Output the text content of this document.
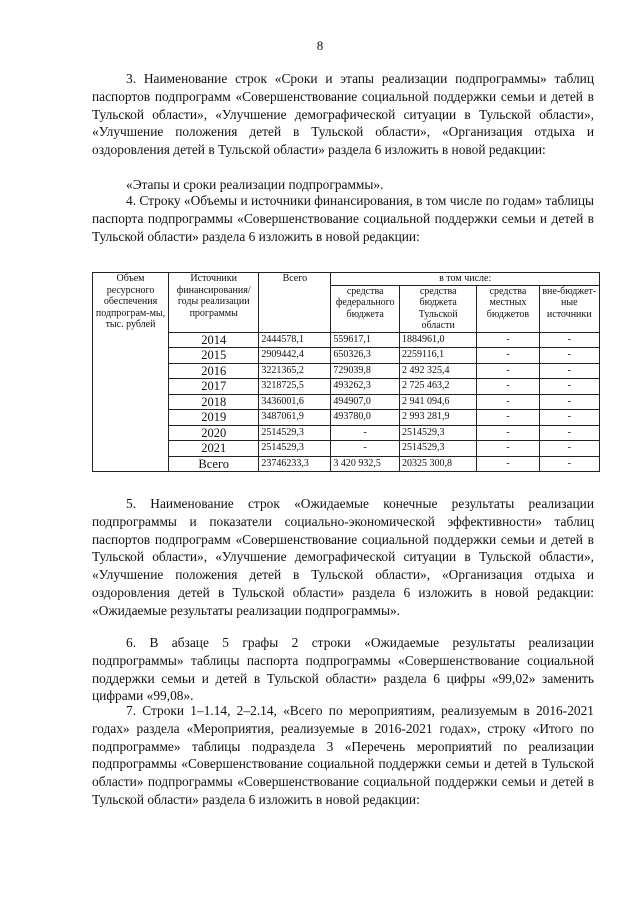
8
3. Наименование строк «Сроки и этапы реализации подпрограммы» таблиц паспортов подпрограмм «Совершенствование социальной поддержки семьи и детей в Тульской области», «Улучшение демографической ситуации в Тульской области», «Улучшение положения детей в Тульской области», «Организация отдыха и оздоровления детей в Тульской области» раздела 6 изложить в новой редакции:
«Этапы и сроки реализации подпрограммы».
4. Строку «Объемы и источники финансирования, в том числе по годам» таблицы паспорта подпрограммы «Совершенствование социальной поддержки семьи и детей в Тульской области» раздела 6 изложить в новой редакции:
Объем ресурсного обеспечения подпрограм-мы, тыс. рублей	Источники финансирования/ годы реализации программы	Всего	в том числе:			
			средства федерального бюджета	средства бюджета Тульской области	средства местных бюджетов	вне-бюджет-ные источники
	2014	2444578,1	559617,1	1884961,0	-	-
	2015	2909442,4	650326,3	2259116,1	-	-
	2016	3221365,2	729039,8	2 492 325,4	-	-
	2017	3218725,5	493262,3	2 725 463,2	-	-
	2018	3436001,6	494907,0	2 941 094,6	-	-
	2019	3487061,9	493780,0	2 993 281,9	-	-
	2020	2514529,3	-	2514529,3	-	-
	2021	2514529,3	-	2514529,3	-	-
	Всего	23746233,3	3 420 932,5	20325 300,8	-	-
5. Наименование строк «Ожидаемые конечные результаты реализации подпрограммы и показатели социально-экономической эффективности» таблиц паспортов подпрограмм «Совершенствование социальной поддержки семьи и детей в Тульской области», «Улучшение демографической ситуации в Тульской области», «Улучшение положения детей в Тульской области», «Организация отдыха и оздоровления детей в Тульской области» раздела 6 изложить в новой редакции: «Ожидаемые результаты реализации подпрограммы».
6. В абзаце 5 графы 2 строки «Ожидаемые результаты реализации подпрограммы» таблицы паспорта подпрограммы «Совершенствование социальной поддержки семьи и детей в Тульской области» раздела 6 цифры «99,02» заменить цифрами «99,08».
7. Строки 1–1.14, 2–2.14, «Всего по мероприятиям, реализуемым в 2016-2021 годах» раздела «Мероприятия, реализуемые в 2016-2021 годах», строку «Итого по подпрограмме» таблицы подраздела 3 «Перечень мероприятий по реализации подпрограммы «Совершенствование социальной поддержки семьи и детей в Тульской области» подпрограммы «Совершенствование социальной поддержки семьи и детей в Тульской области» раздела 6 изложить в новой редакции:
